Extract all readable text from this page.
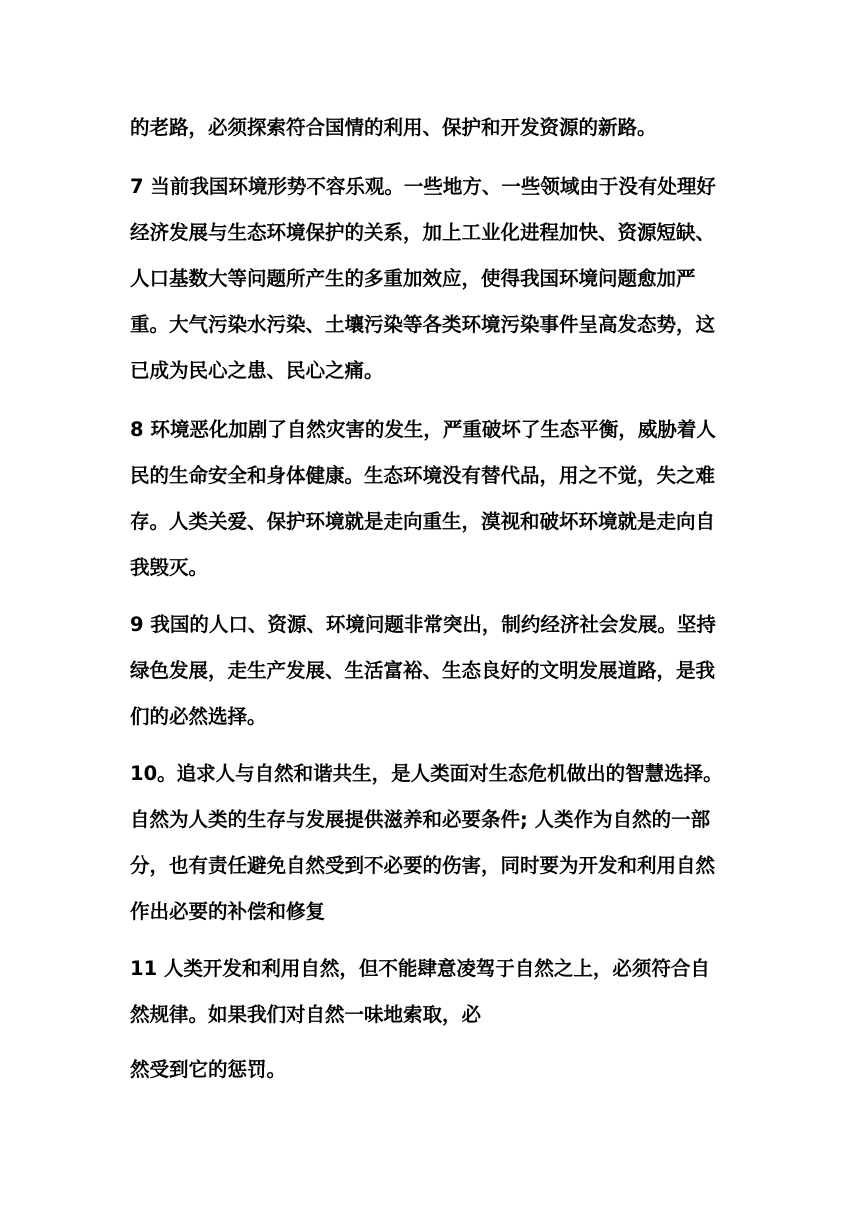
的老路，必须探索符合国情的利用、保护和开发资源的新路。
7 当前我国环境形势不容乐观。一些地方、一些领域由于没有处理好
经济发展与生态环境保护的关系，加上工业化进程加快、资源短缺、
人口基数大等问题所产生的多重加效应，使得我国环境问题愈加严
重。大气污染水污染、土壤污染等各类环境污染事件呈高发态势，这
已成为民心之患、民心之痛。
8 环境恶化加剧了自然灾害的发生，严重破坏了生态平衡，威胁着人
民的生命安全和身体健康。生态环境没有替代品，用之不觉，失之难
存。人类关爱、保护环境就是走向重生，漠视和破坏环境就是走向自
我毁灭。
9 我国的人口、资源、环境问题非常突出，制约经济社会发展。坚持
绿色发展，走生产发展、生活富裕、生态良好的文明发展道路，是我
们的必然选择。
10。追求人与自然和谐共生，是人类面对生态危机做出的智慧选择。
自然为人类的生存与发展提供滋养和必要条件; 人类作为自然的一部
分，也有责任避免自然受到不必要的伤害，同时要为开发和利用自然
作出必要的补偿和修复
11 人类开发和利用自然，但不能肆意凌驾于自然之上，必须符合自
然规律。如果我们对自然一味地索取，必
然受到它的惩罚。
